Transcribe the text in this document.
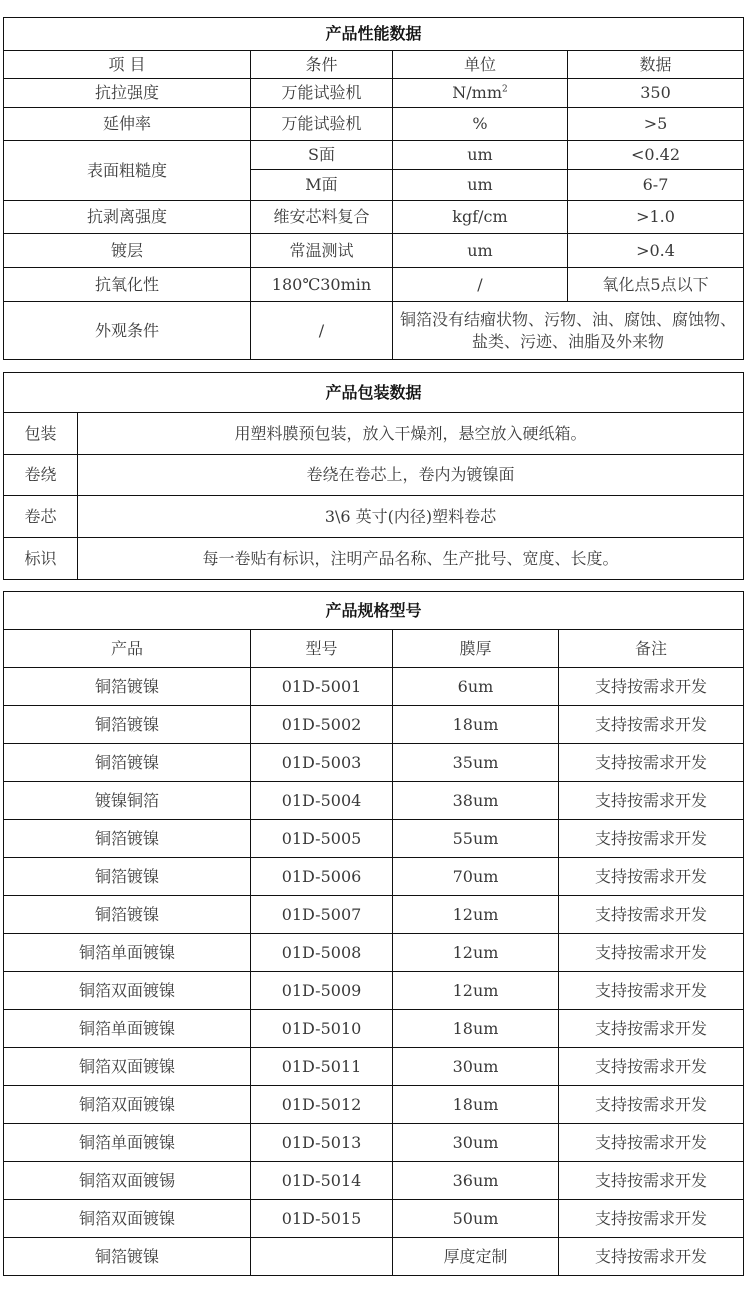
产品性能数据			
项 目	条件	单位	数据
抗拉强度	万能试验机	$N/mm^2$	350
延伸率	万能试验机	%	>5
表面粗糙度	S面	um	<0.42
	M面	um	6-7
抗剥离强度	维安芯料复合	kgf/cm	>1.0
镀层	常温测试	um	>0.4
抗氧化性	180℃30min	/	氧化点5点以下
外观条件	/	铜箔没有结瘤状物、污物、油、腐蚀、腐蚀物、盐类、污迹、油脂及外来物	
产品包装数据	
包装	用塑料膜预包装，放入干燥剂，悬空放入硬纸箱。
卷绕	卷绕在卷芯上，卷内为镀镍面
卷芯	3\6 英寸(内径)塑料卷芯
标识	每一卷贴有标识，注明产品名称、生产批号、宽度、长度。
产品规格型号			
产品	型号	膜厚	备注
铜箔镀镍	01D-5001	6um	支持按需求开发
铜箔镀镍	01D-5002	18um	支持按需求开发
铜箔镀镍	01D-5003	35um	支持按需求开发
镀镍铜箔	01D-5004	38um	支持按需求开发
铜箔镀镍	01D-5005	55um	支持按需求开发
铜箔镀镍	01D-5006	70um	支持按需求开发
铜箔镀镍	01D-5007	12um	支持按需求开发
铜箔单面镀镍	01D-5008	12um	支持按需求开发
铜箔双面镀镍	01D-5009	12um	支持按需求开发
铜箔单面镀镍	01D-5010	18um	支持按需求开发
铜箔双面镀镍	01D-5011	30um	支持按需求开发
铜箔双面镀镍	01D-5012	18um	支持按需求开发
铜箔单面镀镍	01D-5013	30um	支持按需求开发
铜箔双面镀锡	01D-5014	36um	支持按需求开发
铜箔双面镀镍	01D-5015	50um	支持按需求开发
铜箔镀镍		厚度定制	支持按需求开发
